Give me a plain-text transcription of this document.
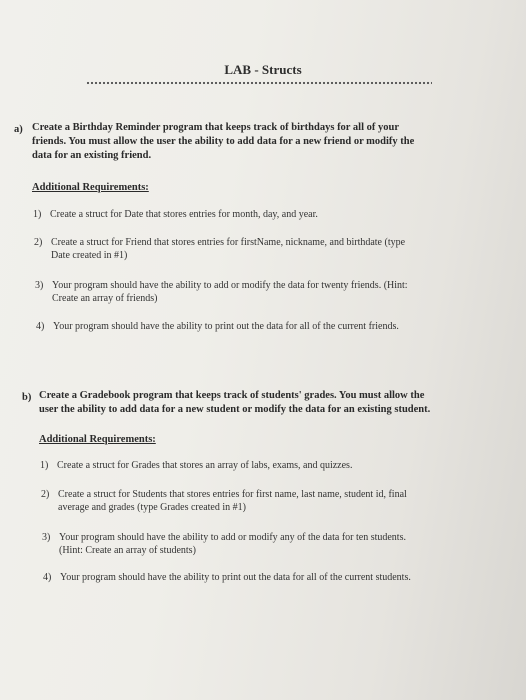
LAB - Structs
a) Create a Birthday Reminder program that keeps track of birthdays for all of your
friends. You must allow the user the ability to add data for a new friend or modify the
data for an existing friend.
Additional Requirements:
1) Create a struct for Date that stores entries for month, day, and year.
2) Create a struct for Friend that stores entries for firstName, nickname, and birthdate (type
Date created in #1)
3) Your program should have the ability to add or modify the data for twenty friends. (Hint:
Create an array of friends)
4) Your program should have the ability to print out the data for all of the current friends.
b) Create a Gradebook program that keeps track of students' grades. You must allow the
user the ability to add data for a new student or modify the data for an existing student.
Additional Requirements:
1) Create a struct for Grades that stores an array of labs, exams, and quizzes.
2) Create a struct for Students that stores entries for first name, last name, student id, final
average and grades (type Grades created in #1)
3) Your program should have the ability to add or modify any of the data for ten students.
(Hint: Create an array of students)
4) Your program should have the ability to print out the data for all of the current students.
